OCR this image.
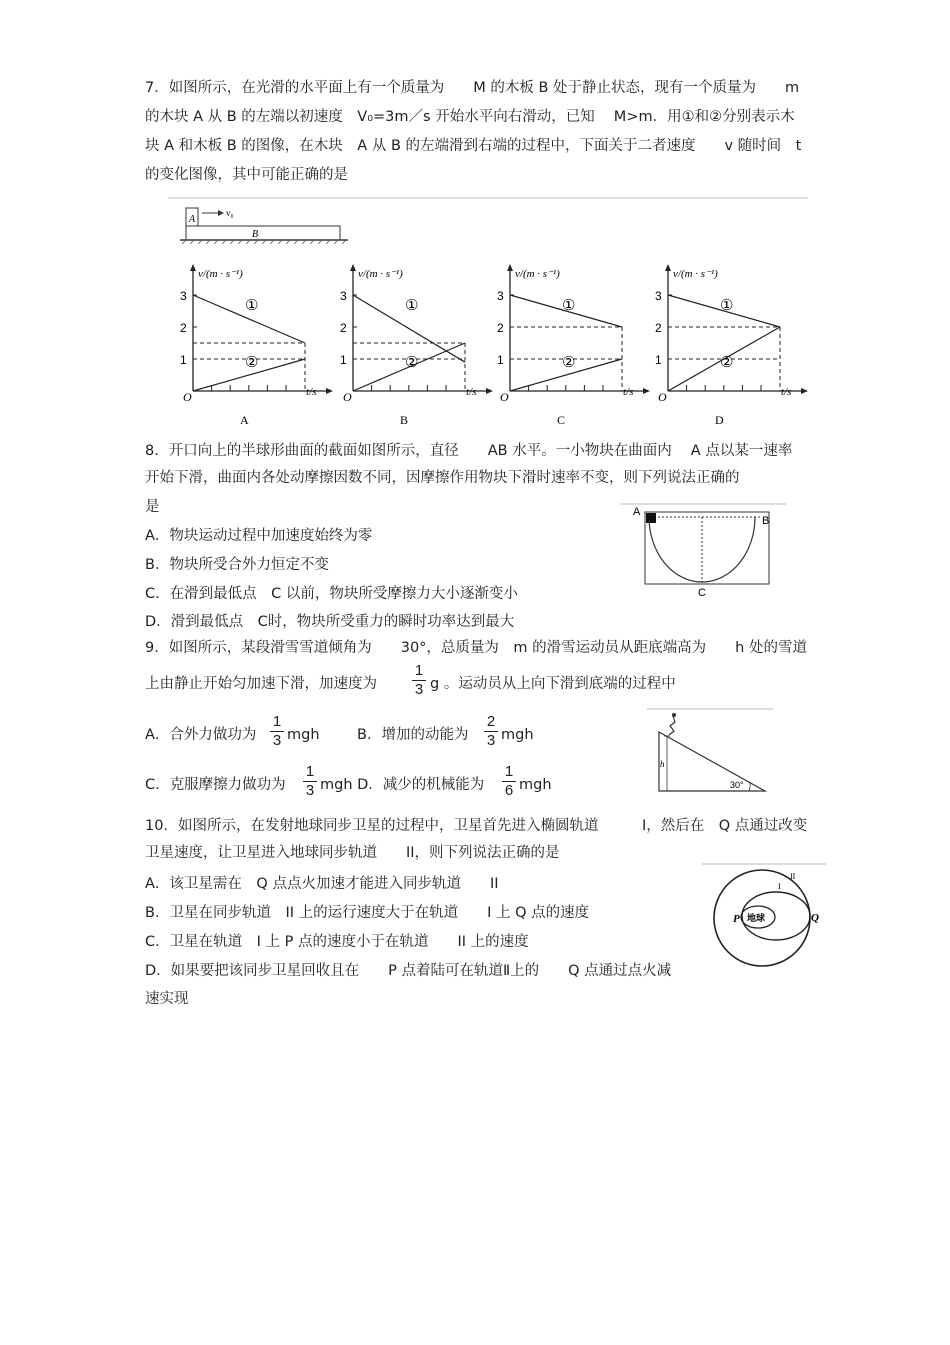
7．如图所示，在光滑的水平面上有一个质量为　　M 的木板 B 处于静止状态，现有一个质量为　　m
的木块 A 从 B 的左端以初速度　V₀=3m／s 开始水平向右滑动，已知　 M>m．用①和②分别表示木
块 A 和木板 B 的图像，在木块　A 从 B 的左端滑到右端的过程中，下面关于二者速度　　v 随时间　t
的变化图像，其中可能正确的是
A
v₀
B
3
2
1
v/(m · s⁻¹)
t/s
O
①
②
A
3
2
1
v/(m · s⁻¹)
t/s
O
①
②
B
3
2
1
v/(m · s⁻¹)
t/s
O
①
②
C
3
2
1
v/(m · s⁻¹)
t/s
O
①
②
D
8．开口向上的半球形曲面的截面如图所示，直径　　AB 水平。一小物块在曲面内　 A 点以某一速率
开始下滑，曲面内各处动摩擦因数不同，因摩擦作用物块下滑时速率不变，则下列说法正确的
是
A．物块运动过程中加速度始终为零
B．物块所受合外力恒定不变
C．在滑到最低点　C 以前，物块所受摩擦力大小逐渐变小
D．滑到最低点　C时，物块所受重力的瞬时功率达到最大
A
B
C
9．如图所示，某段滑雪雪道倾角为　　30°，总质量为　m 的滑雪运动员从距底端高为　　h 处的雪道
上由静止开始匀加速下滑，加速度为
1
3 g 。运动员从上向下滑到底端的过程中
A．合外力做功为
1
3 mgh	B．增加的动能为
2
3 mgh
C．克服摩擦力做功为
1
3 mgh D．减少的机械能为
1
6 mgh
h
30°
10．如图所示，在发射地球同步卫星的过程中，卫星首先进入椭圆轨道　　　I，然后在　Q 点通过改变
卫星速度，让卫星进入地球同步轨道　　II，则下列说法正确的是
A．该卫星需在　Q 点点火加速才能进入同步轨道　　II
B．卫星在同步轨道　II 上的运行速度大于在轨道　　I 上 Q 点的速度
C．卫星在轨道　I 上 P 点的速度小于在轨道　　II 上的速度
D．如果要把该同步卫星回收且在　　P 点着陆可在轨道Ⅱ上的　　Q 点通过点火减
速实现
地球
P	Q
I
II
